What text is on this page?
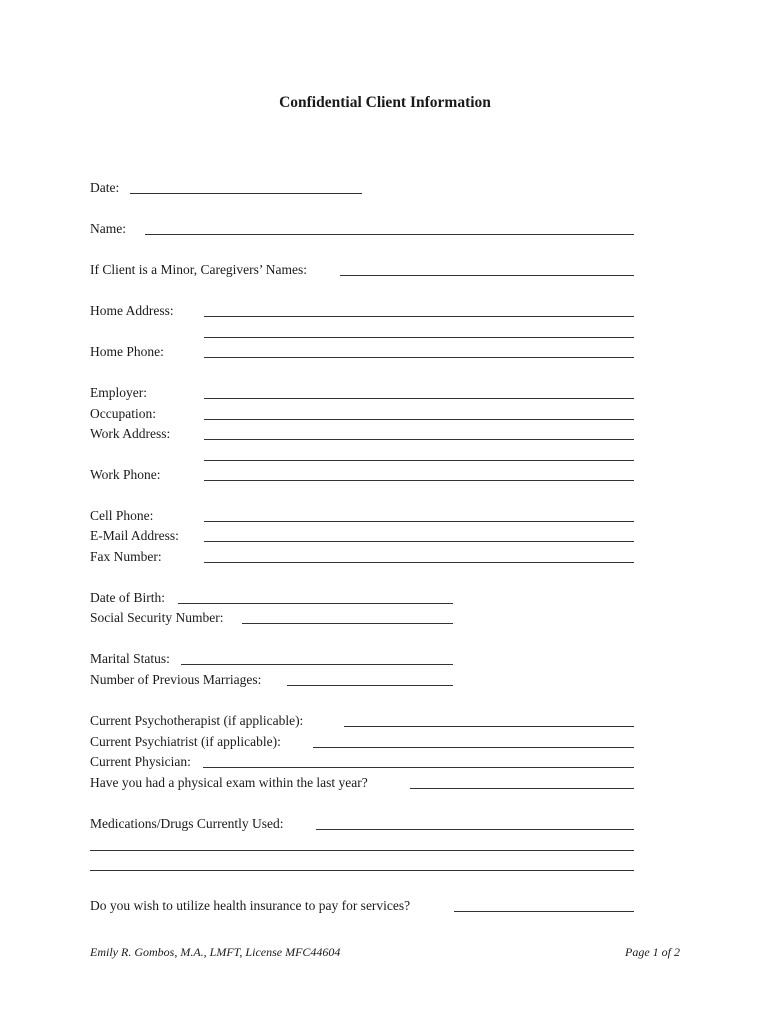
Confidential Client Information
Date:
Name:
If Client is a Minor, Caregivers’ Names:
Home Address:
Home Phone:
Employer:
Occupation:
Work Address:
Work Phone:
Cell Phone:
E-Mail Address:
Fax Number:
Date of Birth:
Social Security Number:
Marital Status:
Number of Previous Marriages:
Current Psychotherapist (if applicable):
Current Psychiatrist (if applicable):
Current Physician:
Have you had a physical exam within the last year?
Medications/Drugs Currently Used:
Do you wish to utilize health insurance to pay for services?
Emily R. Gombos, M.A., LMFT, License MFC44604	Page 1 of 2
